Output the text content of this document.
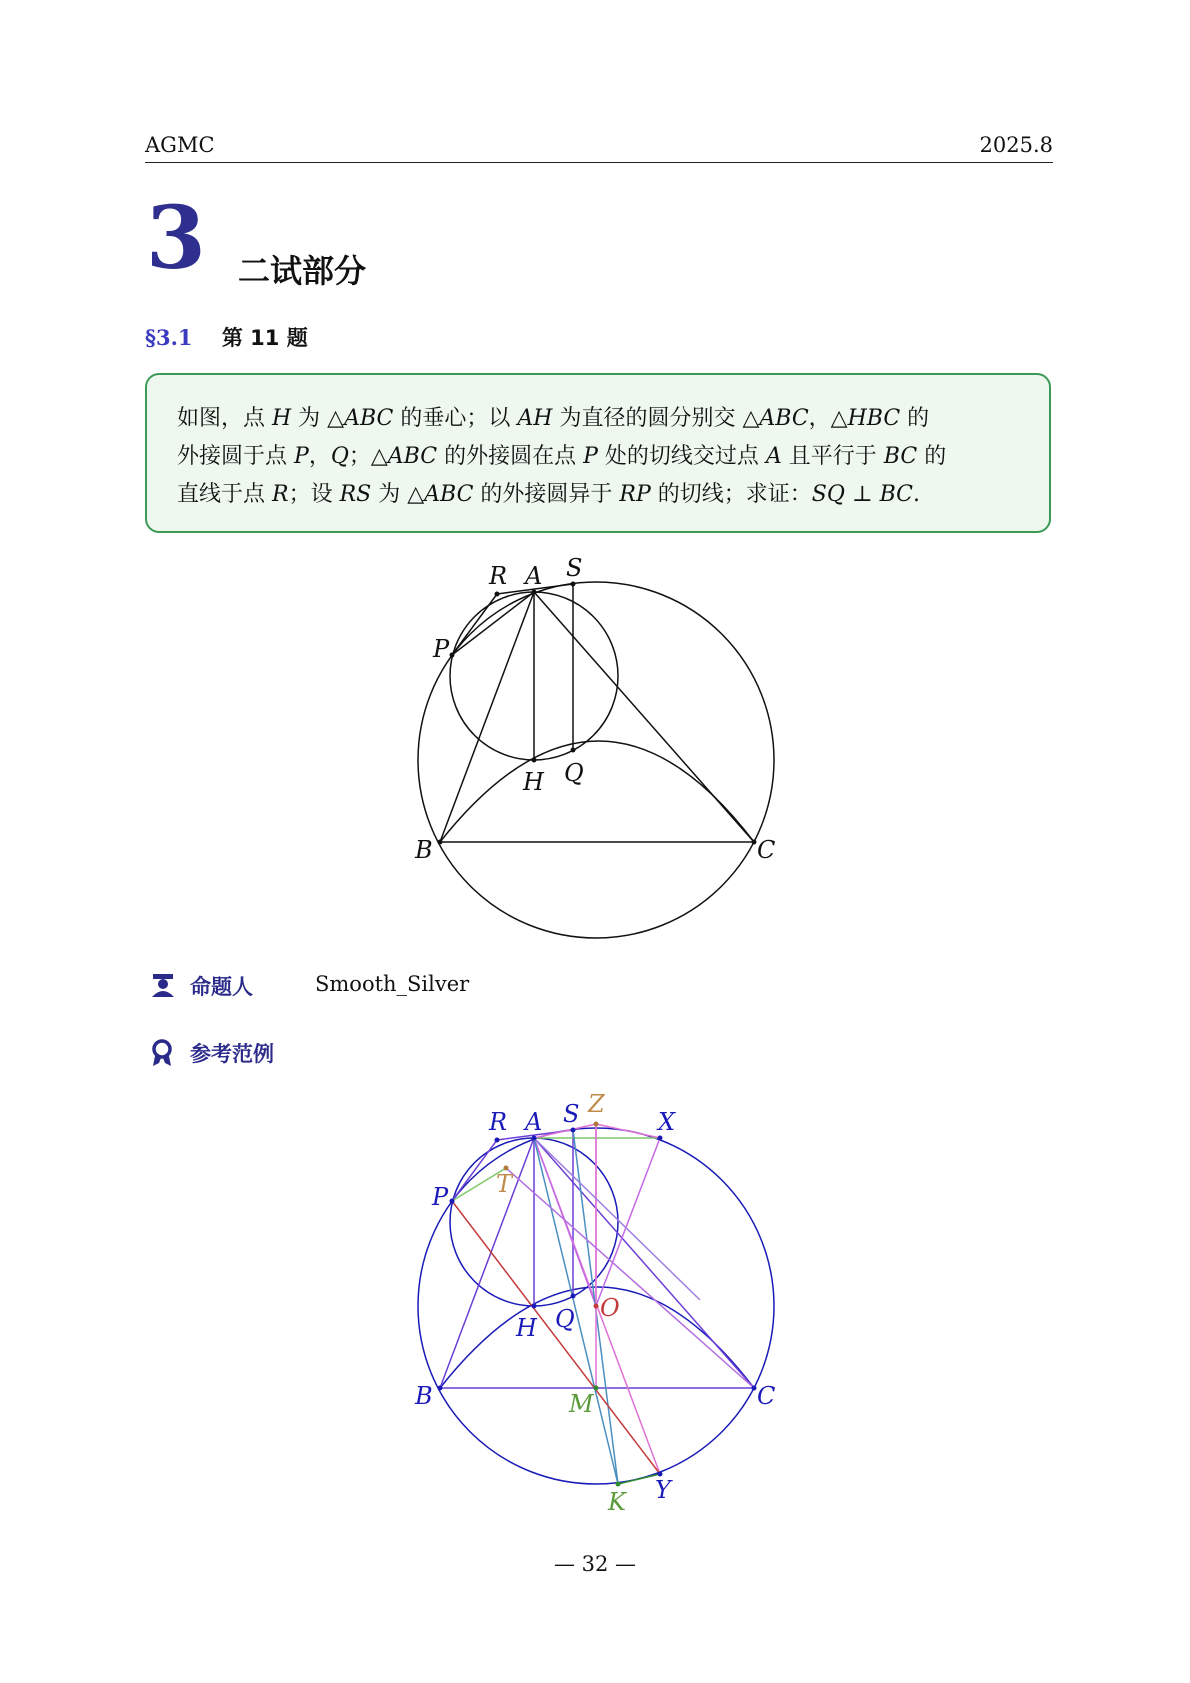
AGMC	2025.8
3 二试部分
§3.1 第 11 题
如图，点 H 为 △ABC 的垂心；以 AH 为直径的圆分别交 △ABC，△HBC 的
外接圆于点 P，Q；△ABC 的外接圆在点 P 处的切线交过点 A 且平行于 BC 的
直线于点 R；设 RS 为 △ABC 的外接圆异于 RP 的切线；求证：SQ ⊥ BC.
R A S
P
H Q
B	C
命题人	Smooth_Silver
参考范例
R A S Z
X
P T
H Q O
B	C
M
K Y
— 32 —
